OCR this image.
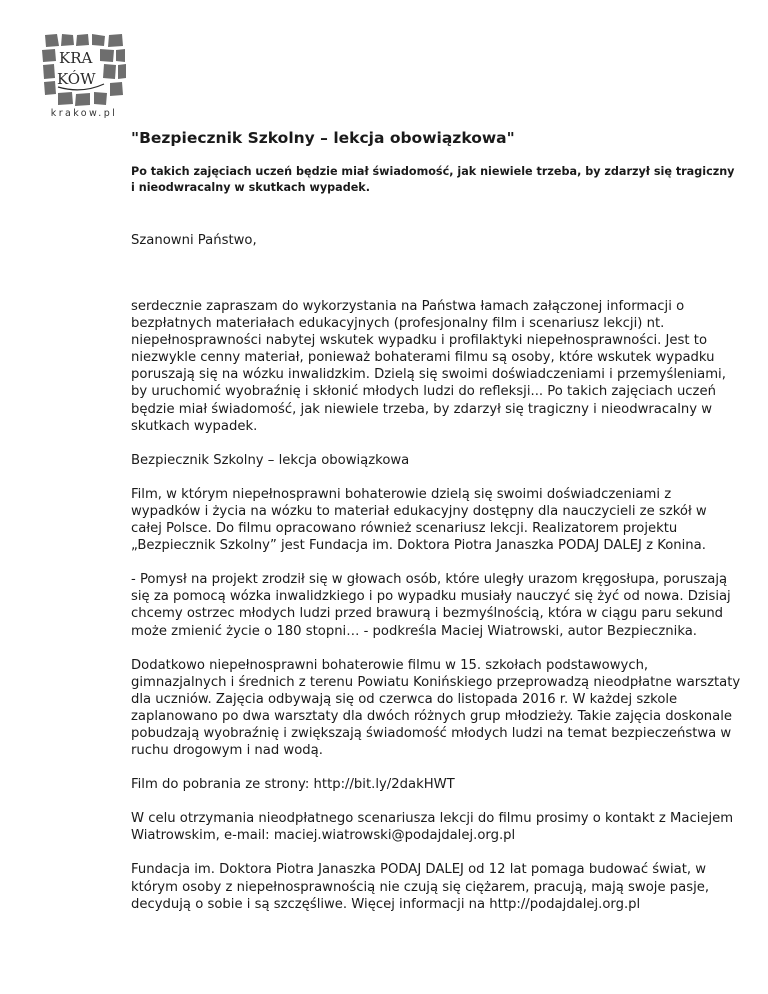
KRA
KÓW
krakow.pl
"Bezpiecznik Szkolny – lekcja obowiązkowa"
Po takich zajęciach uczeń będzie miał świadomość, jak niewiele trzeba, by zdarzył się tragiczny i nieodwracalny w skutkach wypadek.
Szanowni Państwo,

serdecznie zapraszam do wykorzystania na Państwa łamach załączonej informacji o bezpłatnych materiałach edukacyjnych (profesjonalny film i scenariusz lekcji) nt. niepełnosprawności nabytej wskutek wypadku i profilaktyki niepełnosprawności. Jest to niezwykle cenny materiał, ponieważ bohaterami filmu są osoby, które wskutek wypadku poruszają się na wózku inwalidzkim. Dzielą się swoimi doświadczeniami i przemyśleniami, by uruchomić wyobraźnię i skłonić młodych ludzi do refleksji... Po takich zajęciach uczeń będzie miał świadomość, jak niewiele trzeba, by zdarzył się tragiczny i nieodwracalny w skutkach wypadek.

Bezpiecznik Szkolny – lekcja obowiązkowa

Film, w którym niepełnosprawni bohaterowie dzielą się swoimi doświadczeniami z wypadków i życia na wózku to materiał edukacyjny dostępny dla nauczycieli ze szkół w całej Polsce. Do filmu opracowano również scenariusz lekcji. Realizatorem projektu „Bezpiecznik Szkolny” jest Fundacja im. Doktora Piotra Janaszka PODAJ DALEJ z Konina.

- Pomysł na projekt zrodził się w głowach osób, które uległy urazom kręgosłupa, poruszają się za pomocą wózka inwalidzkiego i po wypadku musiały nauczyć się żyć od nowa. Dzisiaj chcemy ostrzec młodych ludzi przed brawurą i bezmyślnością, która w ciągu paru sekund może zmienić życie o 180 stopni… - podkreśla Maciej Wiatrowski, autor Bezpiecznika.

Dodatkowo niepełnosprawni bohaterowie filmu w 15. szkołach podstawowych, gimnazjalnych i średnich z terenu Powiatu Konińskiego przeprowadzą nieodpłatne warsztaty dla uczniów. Zajęcia odbywają się od czerwca do listopada 2016 r. W każdej szkole zaplanowano po dwa warsztaty dla dwóch różnych grup młodzieży. Takie zajęcia doskonale pobudzają wyobraźnię i zwiększają świadomość młodych ludzi na temat bezpieczeństwa w ruchu drogowym i nad wodą.

Film do pobrania ze strony: http://bit.ly/2dakHWT

W celu otrzymania nieodpłatnego scenariusza lekcji do filmu prosimy o kontakt z Maciejem Wiatrowskim, e-mail: maciej.wiatrowski@podajdalej.org.pl

Fundacja im. Doktora Piotra Janaszka PODAJ DALEJ od 12 lat pomaga budować świat, w którym osoby z niepełnosprawnością nie czują się ciężarem, pracują, mają swoje pasje, decydują o sobie i są szczęśliwe. Więcej informacji na http://podajdalej.org.pl
